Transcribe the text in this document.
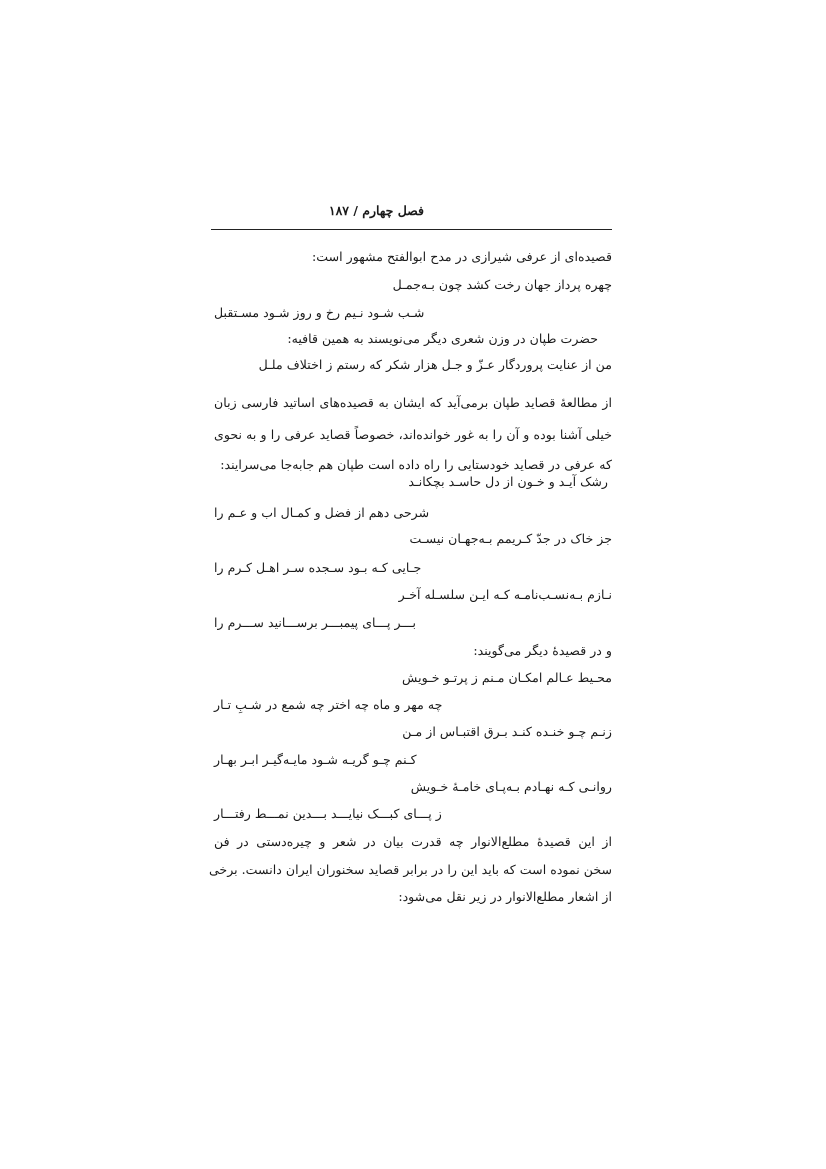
فصل چهارم / ۱۸۷
قصیده‌ای از عرفی شیرازی در مدح ابوالفتح مشهور است:
چهره پرداز جهان رخت کشد چون بـه‌جمـل
شـب شـود نـیم رخ و روز شـود مسـتقبل
حضرت طپان در وزن شعری دیگر می‌نویسند به همین قافیه:
من از عنایت پروردگار عـزّ و جـل هزار شکر که رستم ز اختلاف ملـل
از مطالعهٔ قصاید طپان برمی‌آید که ایشان به قصیده‌های اساتید فارسی زبان
خیلی آشنا بوده و آن را به غور خوانده‌اند، خصوصاً قصاید عرفی را و به نحوی
که عرفی در قصاید خودستایی را راه داده است طپان هم جابه‌جا می‌سرایند:
رشک آیـد و خـون از دل حاسـد بچکانـد
شرحی دهم از فضل و کمـال اب و عـم را
جز خاک در جدّ کـریمم بـه‌جهـان نیسـت
جـایی کـه بـود سـجده سـر اهـل کـرم را
نـازم بـه‌نسـب‌نامـه کـه ایـن سلسـله آخـر
بـــر پـــای پیمبـــر برســـانید ســـرم را
و در قصیدهٔ دیگر می‌گویند:
محـیط عـالم امکـان مـنم ز پرتـو خـویش
چه مهر و ماه چه اختر چه شمع در شـبِ تـار
زنـم چـو خنـده کنـد بـرق اقتبـاس از مـن
کـنم چـو گریـه شـود مایـه‌گیـر ابـر بهـار
روانـی کـه نهـادم بـه‌پـای خامـهٔ خـویش
ز پـــای کبـــک نیایـــد بـــدین نمـــط رفتـــار
از این قصیدهٔ مطلع‌الانوار چه قدرت بیان در شعر و چیره‌دستی در فن
سخن نموده است که باید این را در برابر قصاید سخنوران ایران دانست. برخی
از اشعار مطلع‌الانوار در زیر نقل می‌شود:
